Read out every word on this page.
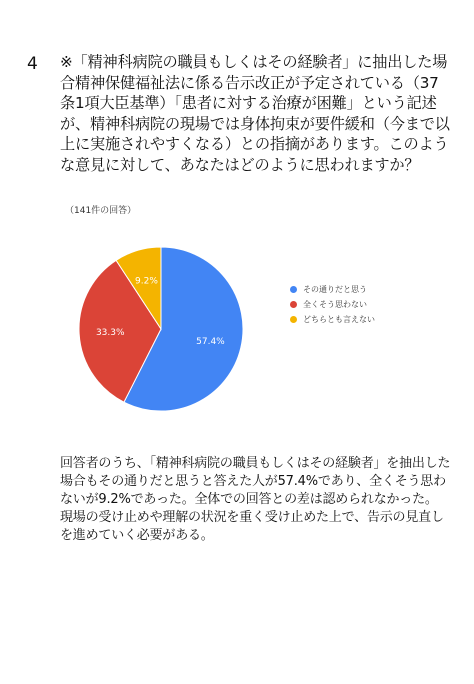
4 ※「精神科病院の職員もしくはその経験者」に抽出した場合精神保健福祉法に係る告示改正が予定されている（37条1項大臣基準）「患者に対する治療が困難」という記述が、精神科病院の現場では身体拘束が要件緩和（今まで以上に実施されやすくなる）との指摘があります。このような意見に対して、あなたはどのように思われますか？
（141件の回答）
57.4%
33.3%
9.2%
その通りだと思う
全くそう思わない
どちらとも言えない

回答者のうち、「精神科病院の職員もしくはその経験者」を抽出した場合もその通りだと思うと答えた人が57.4%であり、全くそう思わないが9.2%であった。全体での回答との差は認められなかった。

現場の受け止めや理解の状況を重く受け止めた上で、告示の見直しを進めていく必要がある。
